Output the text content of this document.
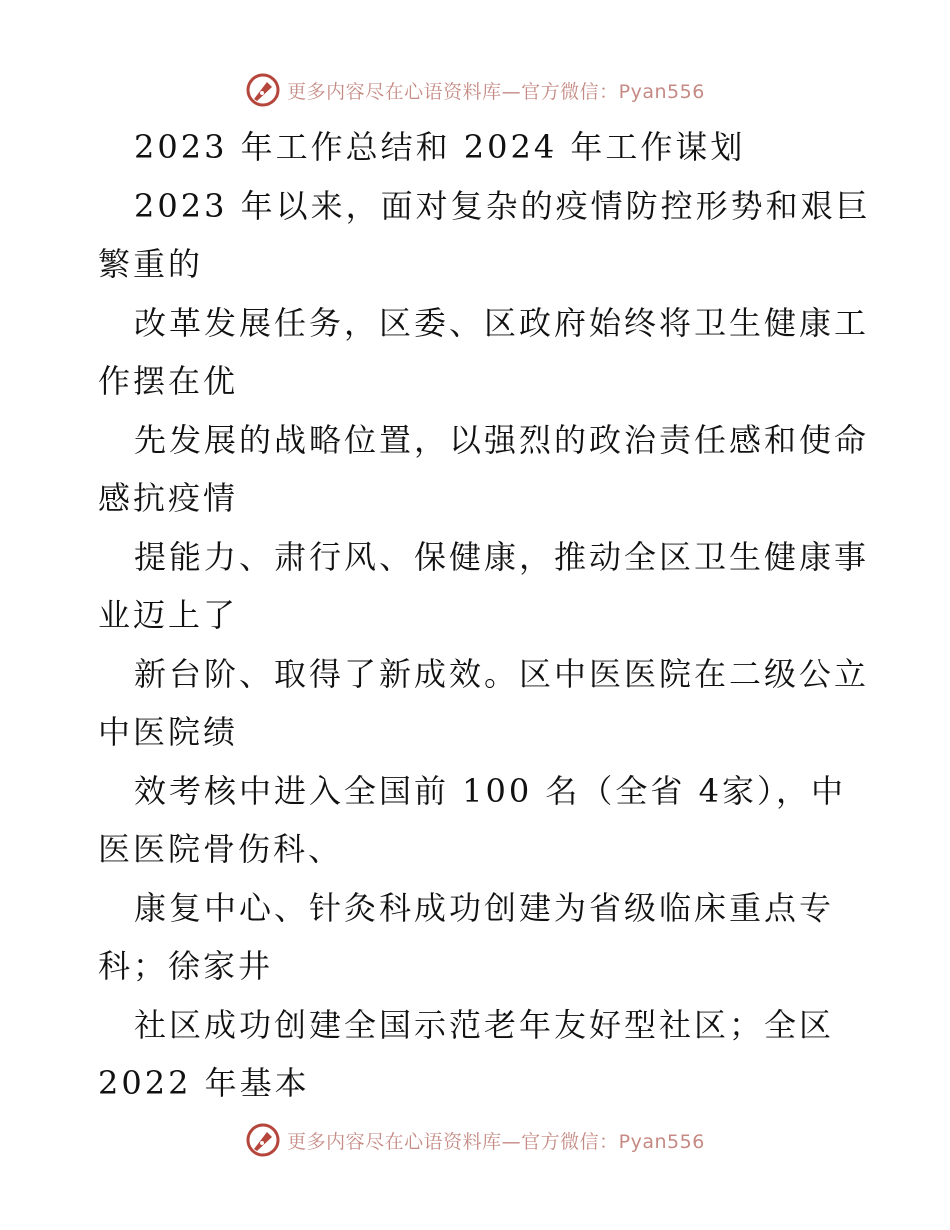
更多内容尽在心语资料库—官方微信：Pyan556
2023 年工作总结和 2024 年工作谋划
2023 年以来，面对复杂的疫情防控形势和艰巨
繁重的
改革发展任务，区委、区政府始终将卫生健康工
作摆在优
先发展的战略位置，以强烈的政治责任感和使命
感抗疫情
提能力、肃行风、保健康，推动全区卫生健康事
业迈上了
新台阶、取得了新成效。区中医医院在二级公立
中医院绩
效考核中进入全国前 100 名（全省 4家），中
医医院骨伤科、
康复中心、针灸科成功创建为省级临床重点专
科；徐家井
社区成功创建全国示范老年友好型社区；全区
2022 年基本
更多内容尽在心语资料库—官方微信：Pyan556
